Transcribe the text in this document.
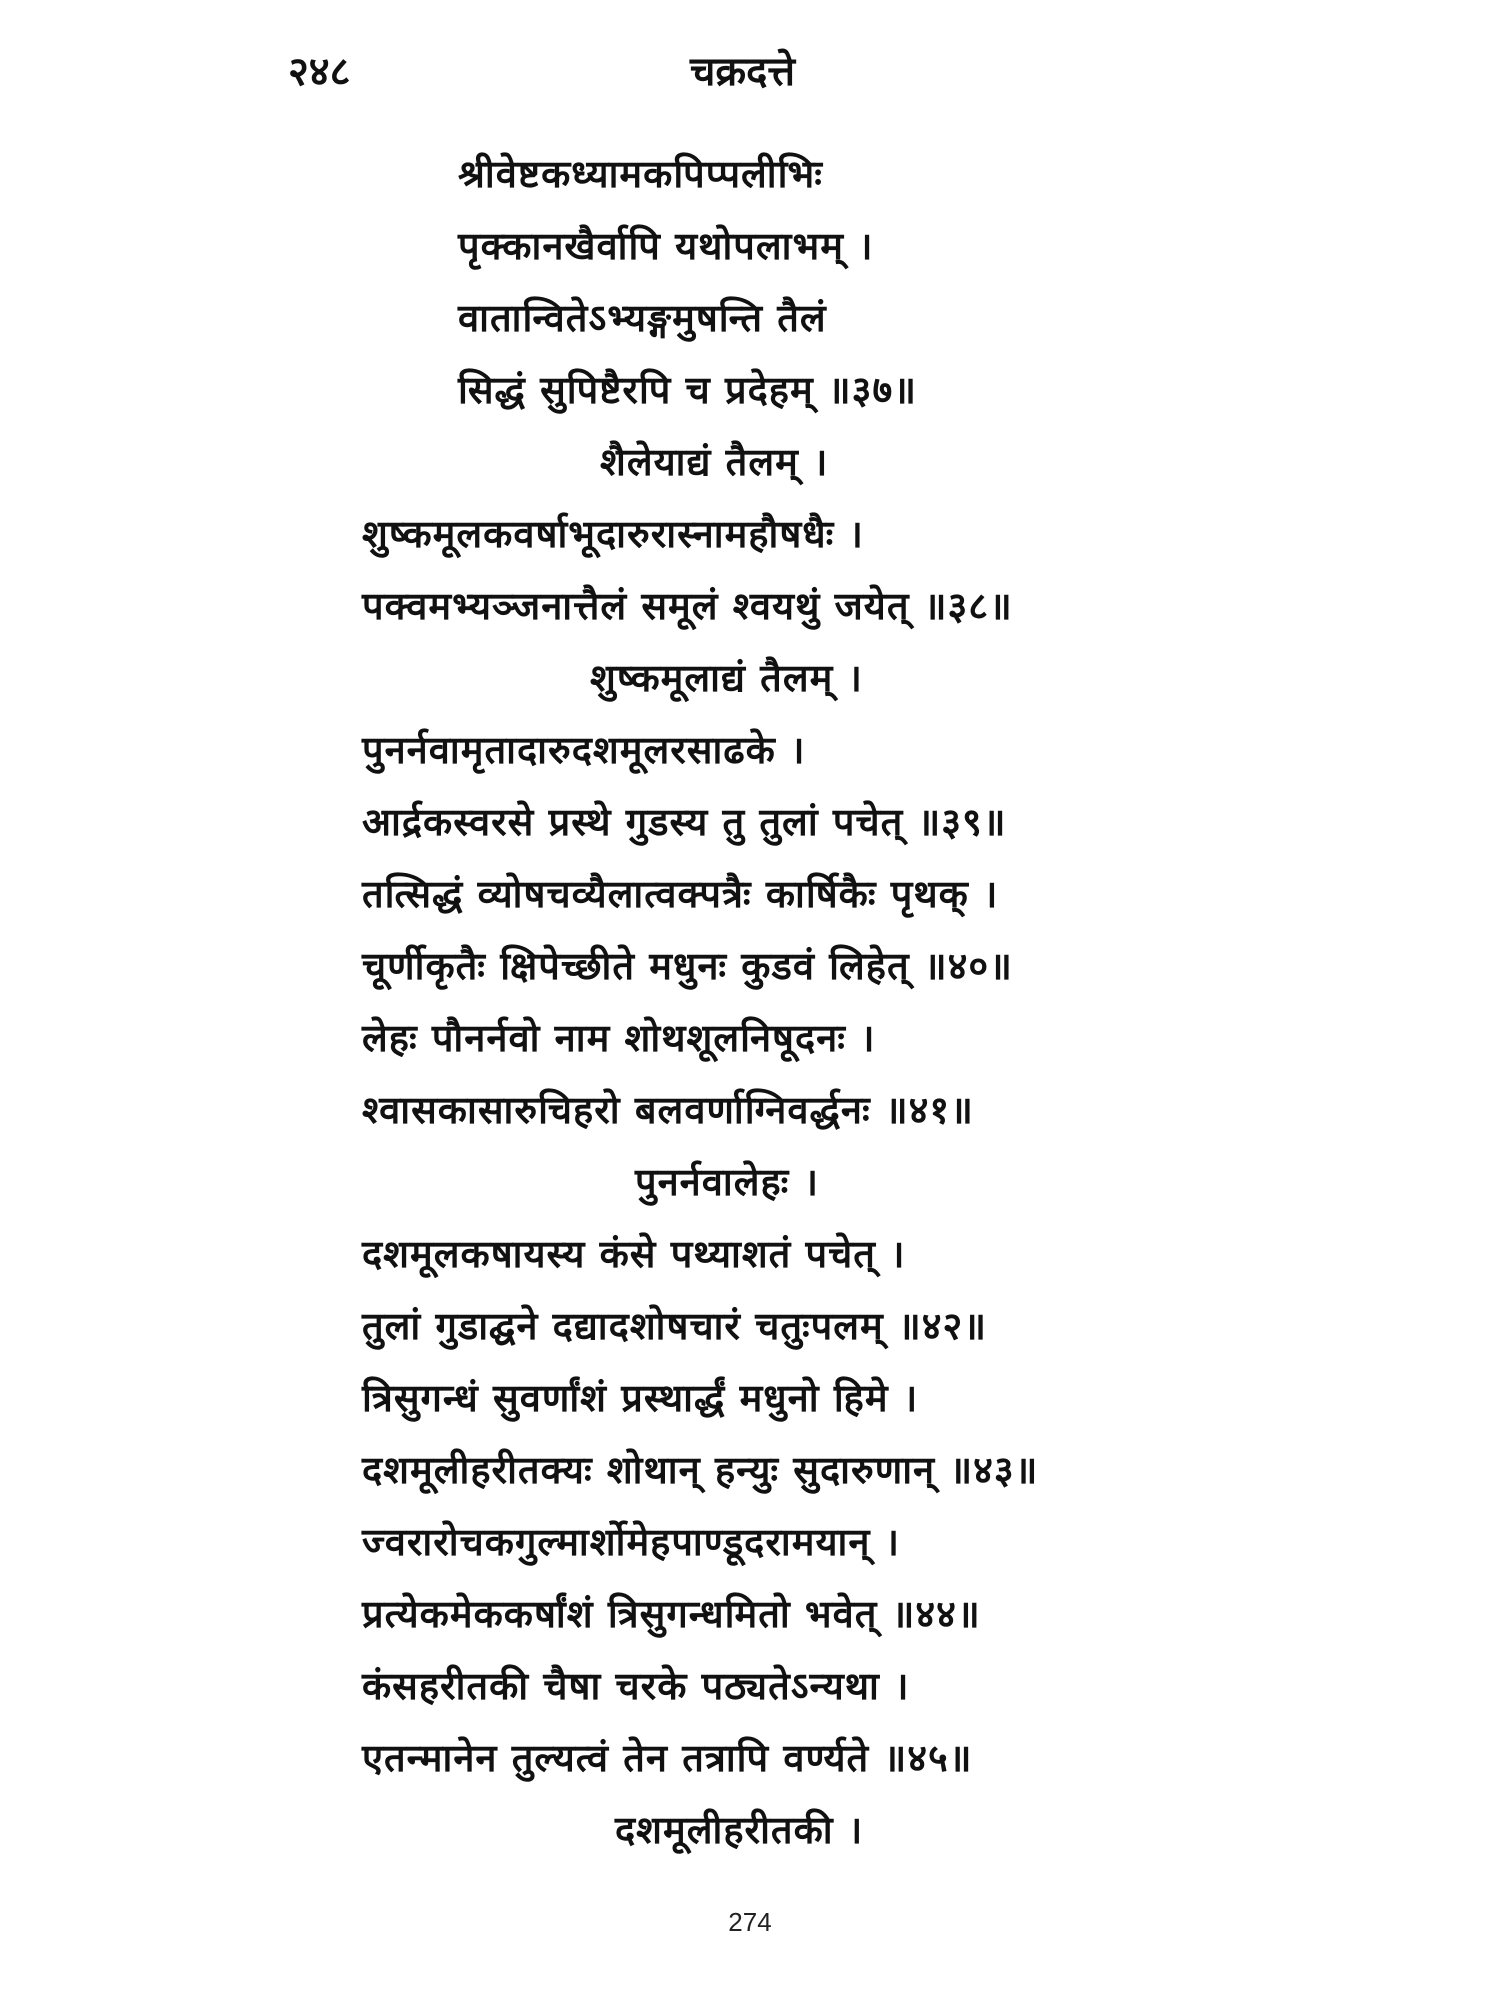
२४८	चक्रदत्ते
श्रीवेष्टकध्यामकपिप्पलीभिः
पृक्कानखैर्वापि यथोपलाभम् ।
वातान्वितेऽभ्यङ्गमुषन्ति तैलं
सिद्धं सुपिष्टैरपि च प्रदेहम् ॥३७॥
शैलेयाद्यं तैलम् ।
शुष्कमूलकवर्षाभूदारुरास्नामहौषधैः ।
पक्वमभ्यञ्जनात्तैलं समूलं श्वयथुं जयेत् ॥३८॥
शुष्कमूलाद्यं तैलम् ।
पुनर्नवामृतादारुदशमूलरसाढके ।
आर्द्रकस्वरसे प्रस्थे गुडस्य तु तुलां पचेत् ॥३९॥
तत्सिद्धं व्योषचव्यैलात्वक्पत्रैः कार्षिकैः पृथक् ।
चूर्णीकृतैः क्षिपेच्छीते मधुनः कुडवं लिहेत् ॥४०॥
लेहः पौनर्नवो नाम शोथशूलनिषूदनः ।
श्वासकासारुचिहरो बलवर्णाग्निवर्द्धनः ॥४१॥
पुनर्नवालेहः ।
दशमूलकषायस्य कंसे पथ्याशतं पचेत् ।
तुलां गुडाद्घने दद्यादशोषचारं चतुःपलम् ॥४२॥
त्रिसुगन्धं सुवर्णांशं प्रस्थार्द्धं मधुनो हिमे ।
दशमूलीहरीतक्यः शोथान् हन्युः सुदारुणान् ॥४३॥
ज्वरारोचकगुल्मार्शोमेहपाण्डूदरामयान् ।
प्रत्येकमेककर्षांशं त्रिसुगन्धमितो भवेत् ॥४४॥
कंसहरीतकी चैषा चरके पठ्यतेऽन्यथा ।
एतन्मानेन तुल्यत्वं तेन तत्रापि वर्ण्यते ॥४५॥
दशमूलीहरीतकी ।
274
